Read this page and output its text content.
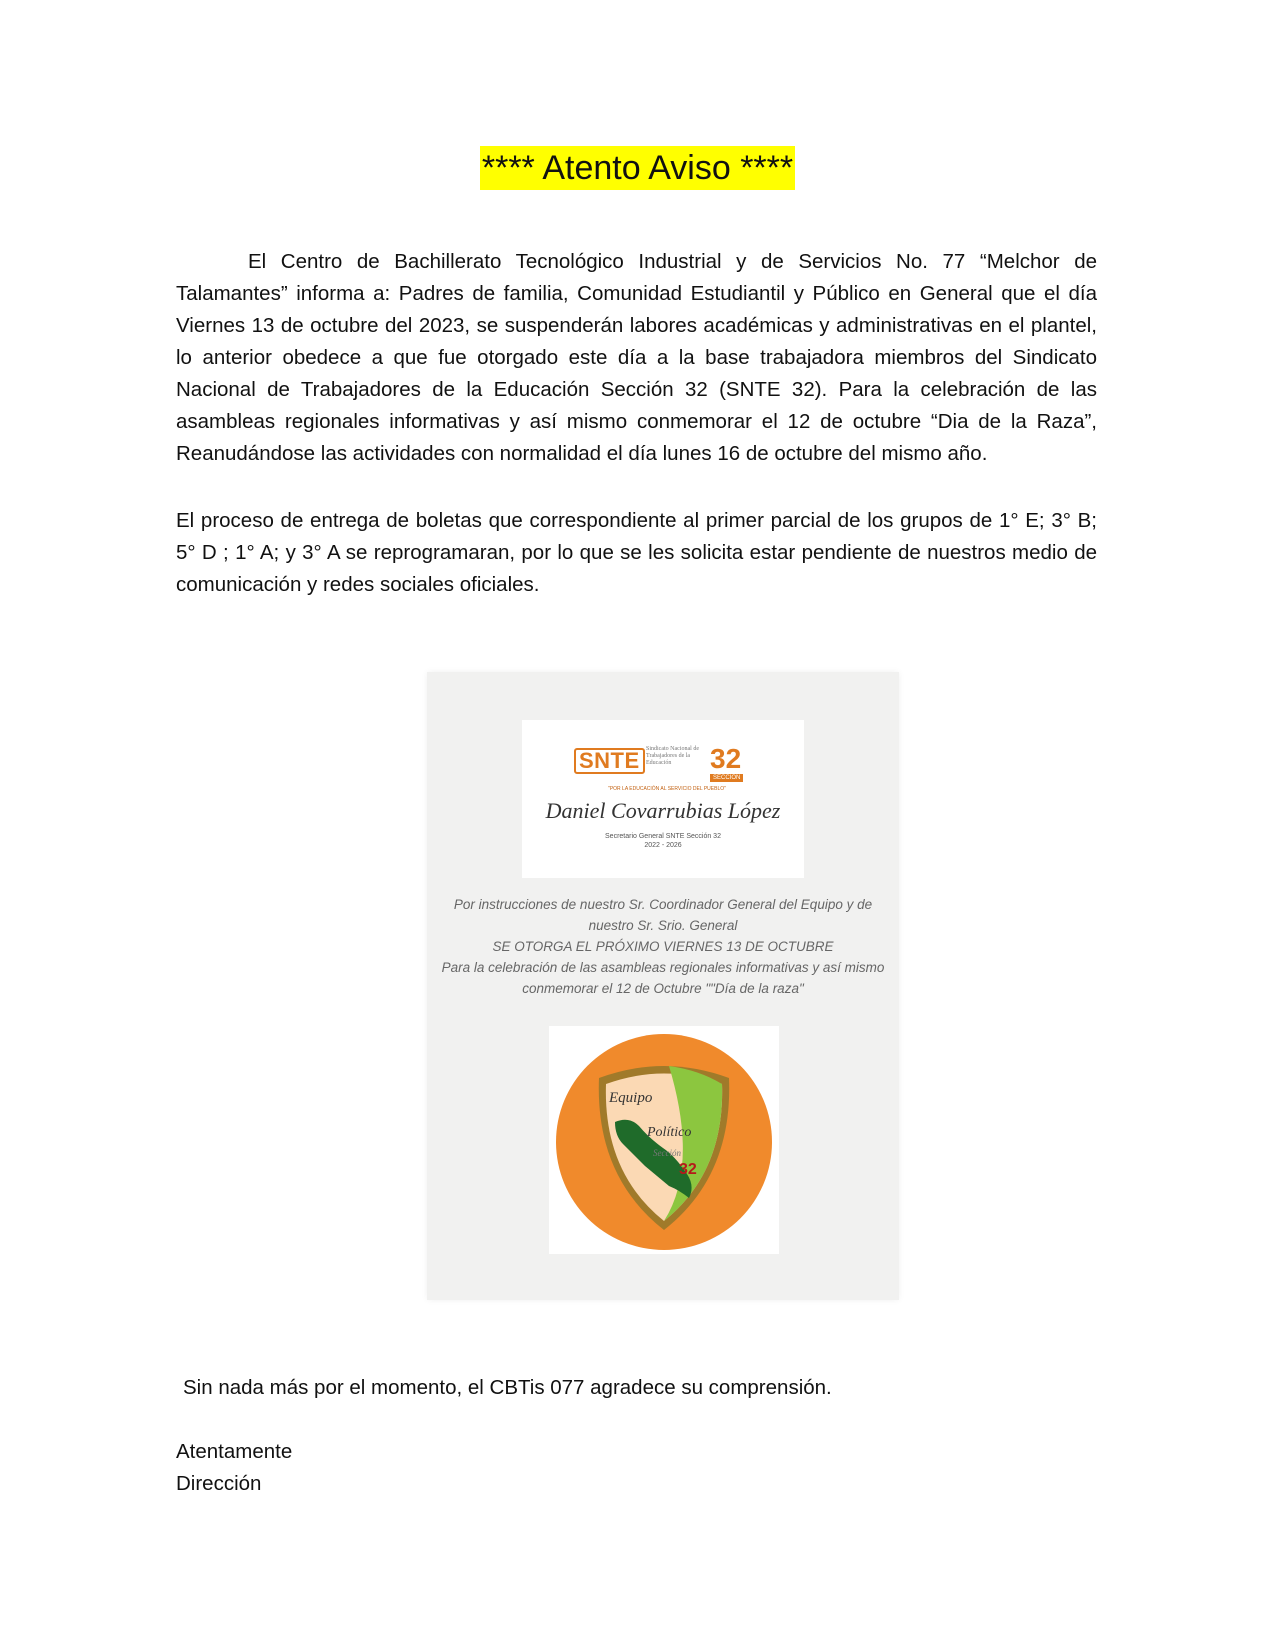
**** Atento Aviso ****

El Centro de Bachillerato Tecnológico Industrial y de Servicios No. 77 “Melchor de Talamantes” informa a: Padres de familia, Comunidad Estudiantil y Público en General que el día Viernes 13 de octubre del 2023, se suspenderán labores académicas y administrativas en el plantel, lo anterior obedece a que fue otorgado este día a la base trabajadora miembros del Sindicato Nacional de Trabajadores de la Educación Sección 32 (SNTE 32). Para la celebración de las asambleas regionales informativas y así mismo conmemorar el 12 de octubre “Dia de la Raza”, Reanudándose las actividades con normalidad el día lunes 16 de octubre del mismo año.

El proceso de entrega de boletas que correspondiente al primer parcial de los grupos de 1° E; 3° B; 5° D ; 1° A; y 3° A se reprogramaran, por lo que se les solicita estar pendiente de nuestros medio de comunicación y redes sociales oficiales.

SNTE	Sindicato Nacional de Trabajadores de la Educación	32
SECCIÓN
"POR LA EDUCACIÓN AL SERVICIO DEL PUEBLO"
Daniel Covarrubias López
Secretario General SNTE Sección 32
2022 - 2026
Por instrucciones de nuestro Sr. Coordinador General del Equipo y de
nuestro Sr. Srio. General
SE OTORGA EL PRÓXIMO VIERNES 13 DE OCTUBRE
Para la celebración de las asambleas regionales informativas y así mismo
conmemorar el 12 de Octubre ""Día de la raza"
Equipo
Político
Sección
32

Sin nada más por el momento, el CBTis 077 agradece su comprensión.

Atentamente

Dirección
